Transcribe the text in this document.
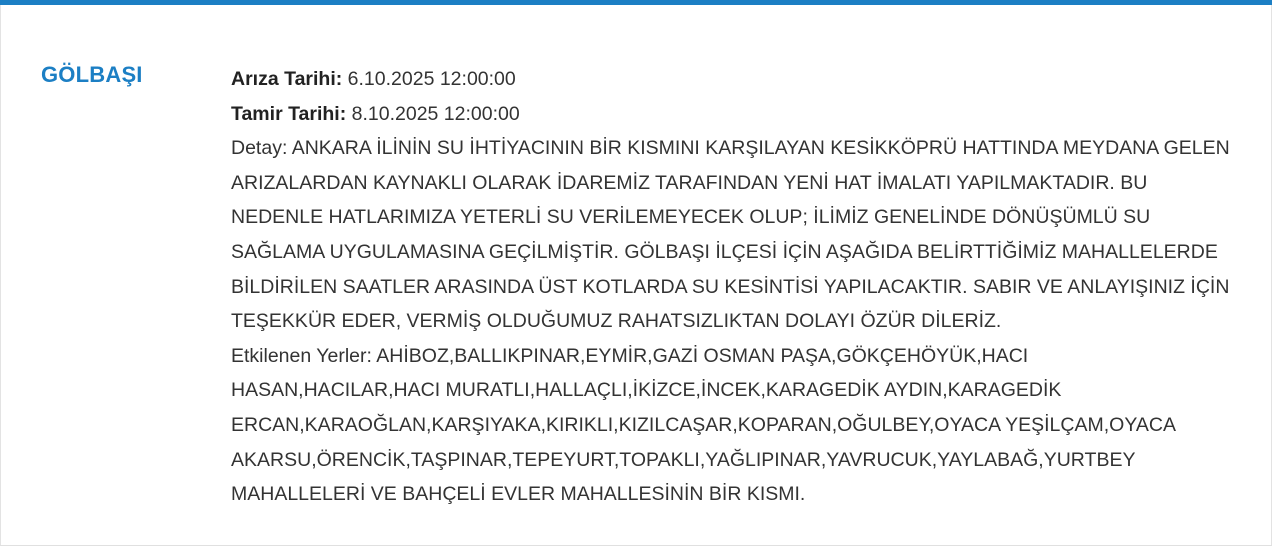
GÖLBAŞI	Arıza Tarihi: 6.10.2025 12:00:00
Tamir Tarihi: 8.10.2025 12:00:00
Detay: ANKARA İLİNİN SU İHTİYACININ BİR KISMINI KARŞILAYAN KESİKKÖPRÜ HATTINDA MEYDANA GELEN ARIZALARDAN KAYNAKLI OLARAK İDAREMİZ TARAFINDAN YENİ HAT İMALATI YAPILMAKTADIR. BU NEDENLE HATLARIMIZA YETERLİ SU VERİLEMEYECEK OLUP; İLİMİZ GENELİNDE DÖNÜŞÜMLÜ SU SAĞLAMA UYGULAMASINA GEÇİLMİŞTİR. GÖLBAŞI İLÇESİ İÇİN AŞAĞIDA BELİRTTİĞİMİZ MAHALLELERDE BİLDİRİLEN SAATLER ARASINDA ÜST KOTLARDA SU KESİNTİSİ YAPILACAKTIR. SABIR VE ANLAYIŞINIZ İÇİN TEŞEKKÜR EDER, VERMİŞ OLDUĞUMUZ RAHATSIZLIKTAN DOLAYI ÖZÜR DİLERİZ.
Etkilenen Yerler: AHİBOZ,BALLIKPINAR,EYMİR,GAZİ OSMAN PAŞA,GÖKÇEHÖYÜK,HACI HASAN,HACILAR,HACI MURATLI,HALLAÇLI,İKİZCE,İNCEK,KARAGEDİK AYDIN,KARAGEDİK ERCAN,KARAOĞLAN,KARŞIYAKA,KIRIKLI,KIZILCAŞAR,KOPARAN,OĞULBEY,OYACA YEŞİLÇAM,OYACA AKARSU,ÖRENCİK,TAŞPINAR,TEPEYURT,TOPAKLI,YAĞLIPINAR,YAVRUCUK,YAYLABAĞ,YURTBEY MAHALLELERİ VE BAHÇELİ EVLER MAHALLESİNİN BİR KISMI.
